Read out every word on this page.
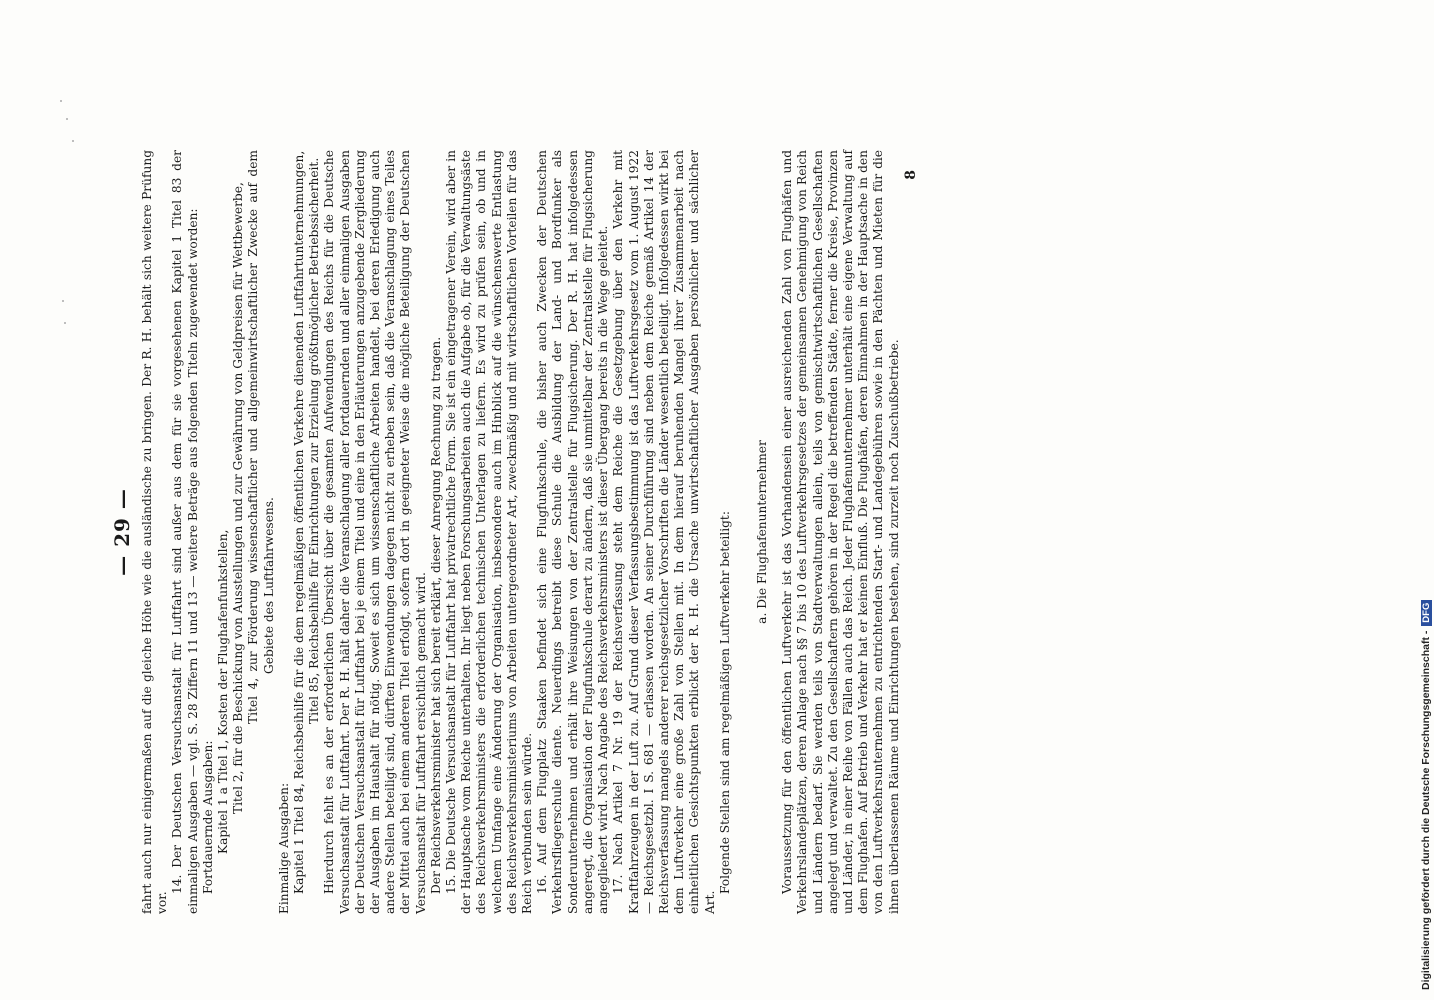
— 29 — fahrt auch nur einigermaßen auf die gleiche Höhe wie die ausländische zu bringen. Der R. H. behält sich weitere Prüfung vor.

14. Der Deutschen Versuchsanstalt für Luftfahrt sind außer aus dem für sie vorgesehenen Kapitel 1 Titel 83 der einmaligen Ausgaben — vgl. S. 28 Ziffern 11 und 13 — weitere Beträge aus folgenden Titeln zugewendet worden: Fortdauernde Ausgaben: Kapitel 1 a Titel 1, Kosten der Flughafenfunkstellen, Titel 2, für die Beschickung von Ausstellungen und zur Gewährung von Geldpreisen für Wettbewerbe, Titel 4, zur Förderung wissenschaftlicher und allgemeinwirtschaftlicher Zwecke auf dem Gebiete des Luftfahrwesens.

Einmalige Ausgaben: Kapitel 1 Titel 84, Reichsbeihilfe für die dem regelmäßigen öffentlichen Verkehre dienenden Luftfahrtunternehmungen, Titel 85, Reichsbeihilfe für Einrichtungen zur Erzielung größtmöglicher Betriebssicherheit. Hierdurch fehlt es an der erforderlichen Übersicht über die gesamten Aufwendungen des Reichs für die Deutsche Versuchsanstalt für Luftfahrt. Der R. H. hält daher die Veranschlagung aller fortdauernden und aller einmaligen Ausgaben der Deutschen Versuchsanstalt für Luftfahrt bei je einem Titel und eine in den Erläuterungen anzugebende Zergliederung der Ausgaben im Haushalt für nötig. Soweit es sich um wissenschaftliche Arbeiten handelt, bei deren Erledigung auch andere Stellen beteiligt sind, dürften Einwendungen dagegen nicht zu erheben sein, daß die Veranschlagung eines Teiles der Mittel auch bei einem anderen Titel erfolgt, sofern dort in geeigneter Weise die mögliche Beteiligung der Deutschen Versuchsanstalt für Luftfahrt ersichtlich gemacht wird. Der Reichsverkehrsminister hat sich bereit erklärt, dieser Anregung Rechnung zu tragen. 15. Die Deutsche Versuchsanstalt für Luftfahrt hat privatrechtliche Form. Sie ist ein eingetragener Verein, wird aber in der Hauptsache vom Reiche unterhalten. Ihr liegt neben Forschungsarbeiten auch die Aufgabe ob, für die Verwaltungsäste des Reichsverkehrsministers die erforderlichen technischen Unterlagen zu liefern. Es wird zu prüfen sein, ob und in welchem Umfange eine Änderung der Organisation, insbesondere auch im Hinblick auf die wünschenswerte Entlastung des Reichsverkehrsministeriums von Arbeiten untergeordneter Art, zweckmäßig und mit wirtschaftlichen Vorteilen für das Reich verbunden sein würde. 16. Auf dem Flugplatz Staaken befindet sich eine Flugfunkschule, die bisher auch Zwecken der Deutschen Verkehrsfliegerschule diente. Neuerdings betreibt diese Schule die Ausbildung der Land- und Bordfunker als Sonderunternehmen und erhält ihre Weisungen von der Zentralstelle für Flugsicherung. Der R. H. hat infolgedessen angeregt, die Organisation der Flugfunkschule derart zu ändern, daß sie unmittelbar der Zentralstelle für Flugsicherung angegliedert wird. Nach Angabe des Reichsverkehrsministers ist dieser Übergang bereits in die Wege geleitet. 17. Nach Artikel 7 Nr. 19 der Reichsverfassung steht dem Reiche die Gesetzgebung über den Verkehr mit Kraftfahrzeugen in der Luft zu. Auf Grund dieser Verfassungsbestimmung ist das Luftverkehrsgesetz vom 1. August 1922 — Reichsgesetzbl. I S. 681 — erlassen worden. An seiner Durchführung sind neben dem Reiche gemäß Artikel 14 der Reichsverfassung mangels anderer reichsgesetzlicher Vorschriften die Länder wesentlich beteiligt. Infolgedessen wirkt bei dem Luftverkehr eine große Zahl von Stellen mit. In dem hierauf beruhenden Mangel ihrer Zusammenarbeit nach einheitlichen Gesichtspunkten erblickt der R. H. die Ursache unwirtschaftlicher Ausgaben persönlicher und sächlicher Art.

Folgende Stellen sind am regelmäßigen Luftverkehr beteiligt: a. Die Flughafenunternehmer Voraussetzung für den öffentlichen Luftverkehr ist das Vorhandensein einer ausreichenden Zahl von Flughäfen und Verkehrslandeplätzen, deren Anlage nach §§ 7 bis 10 des Luftverkehrsgesetzes der gemeinsamen Genehmigung von Reich und Ländern bedarf. Sie werden teils von Stadtverwaltungen allein, teils von gemischtwirtschaftlichen Gesellschaften angelegt und verwaltet. Zu den Gesellschaftern gehören in der Regel die betreffenden Städte, ferner die Kreise, Provinzen und Länder, in einer Reihe von Fällen auch das Reich. Jeder Flughafenunternehmer unterhält eine eigene Verwaltung auf dem Flughafen. Auf Betrieb und Verkehr hat er keinen Einfluß. Die Flughäfen, deren Einnahmen in der Hauptsache in den von den Luftverkehrsunternehmen zu entrichtenden Start- und Landegebühren sowie in den Pächten und Mieten für die ihnen überlassenen Räume und Einrichtungen bestehen, sind zurzeit noch Zuschußbetriebe.

8
Digitalisierung gefördert durch die Deutsche Forschungsgemeinschaft - DFG
